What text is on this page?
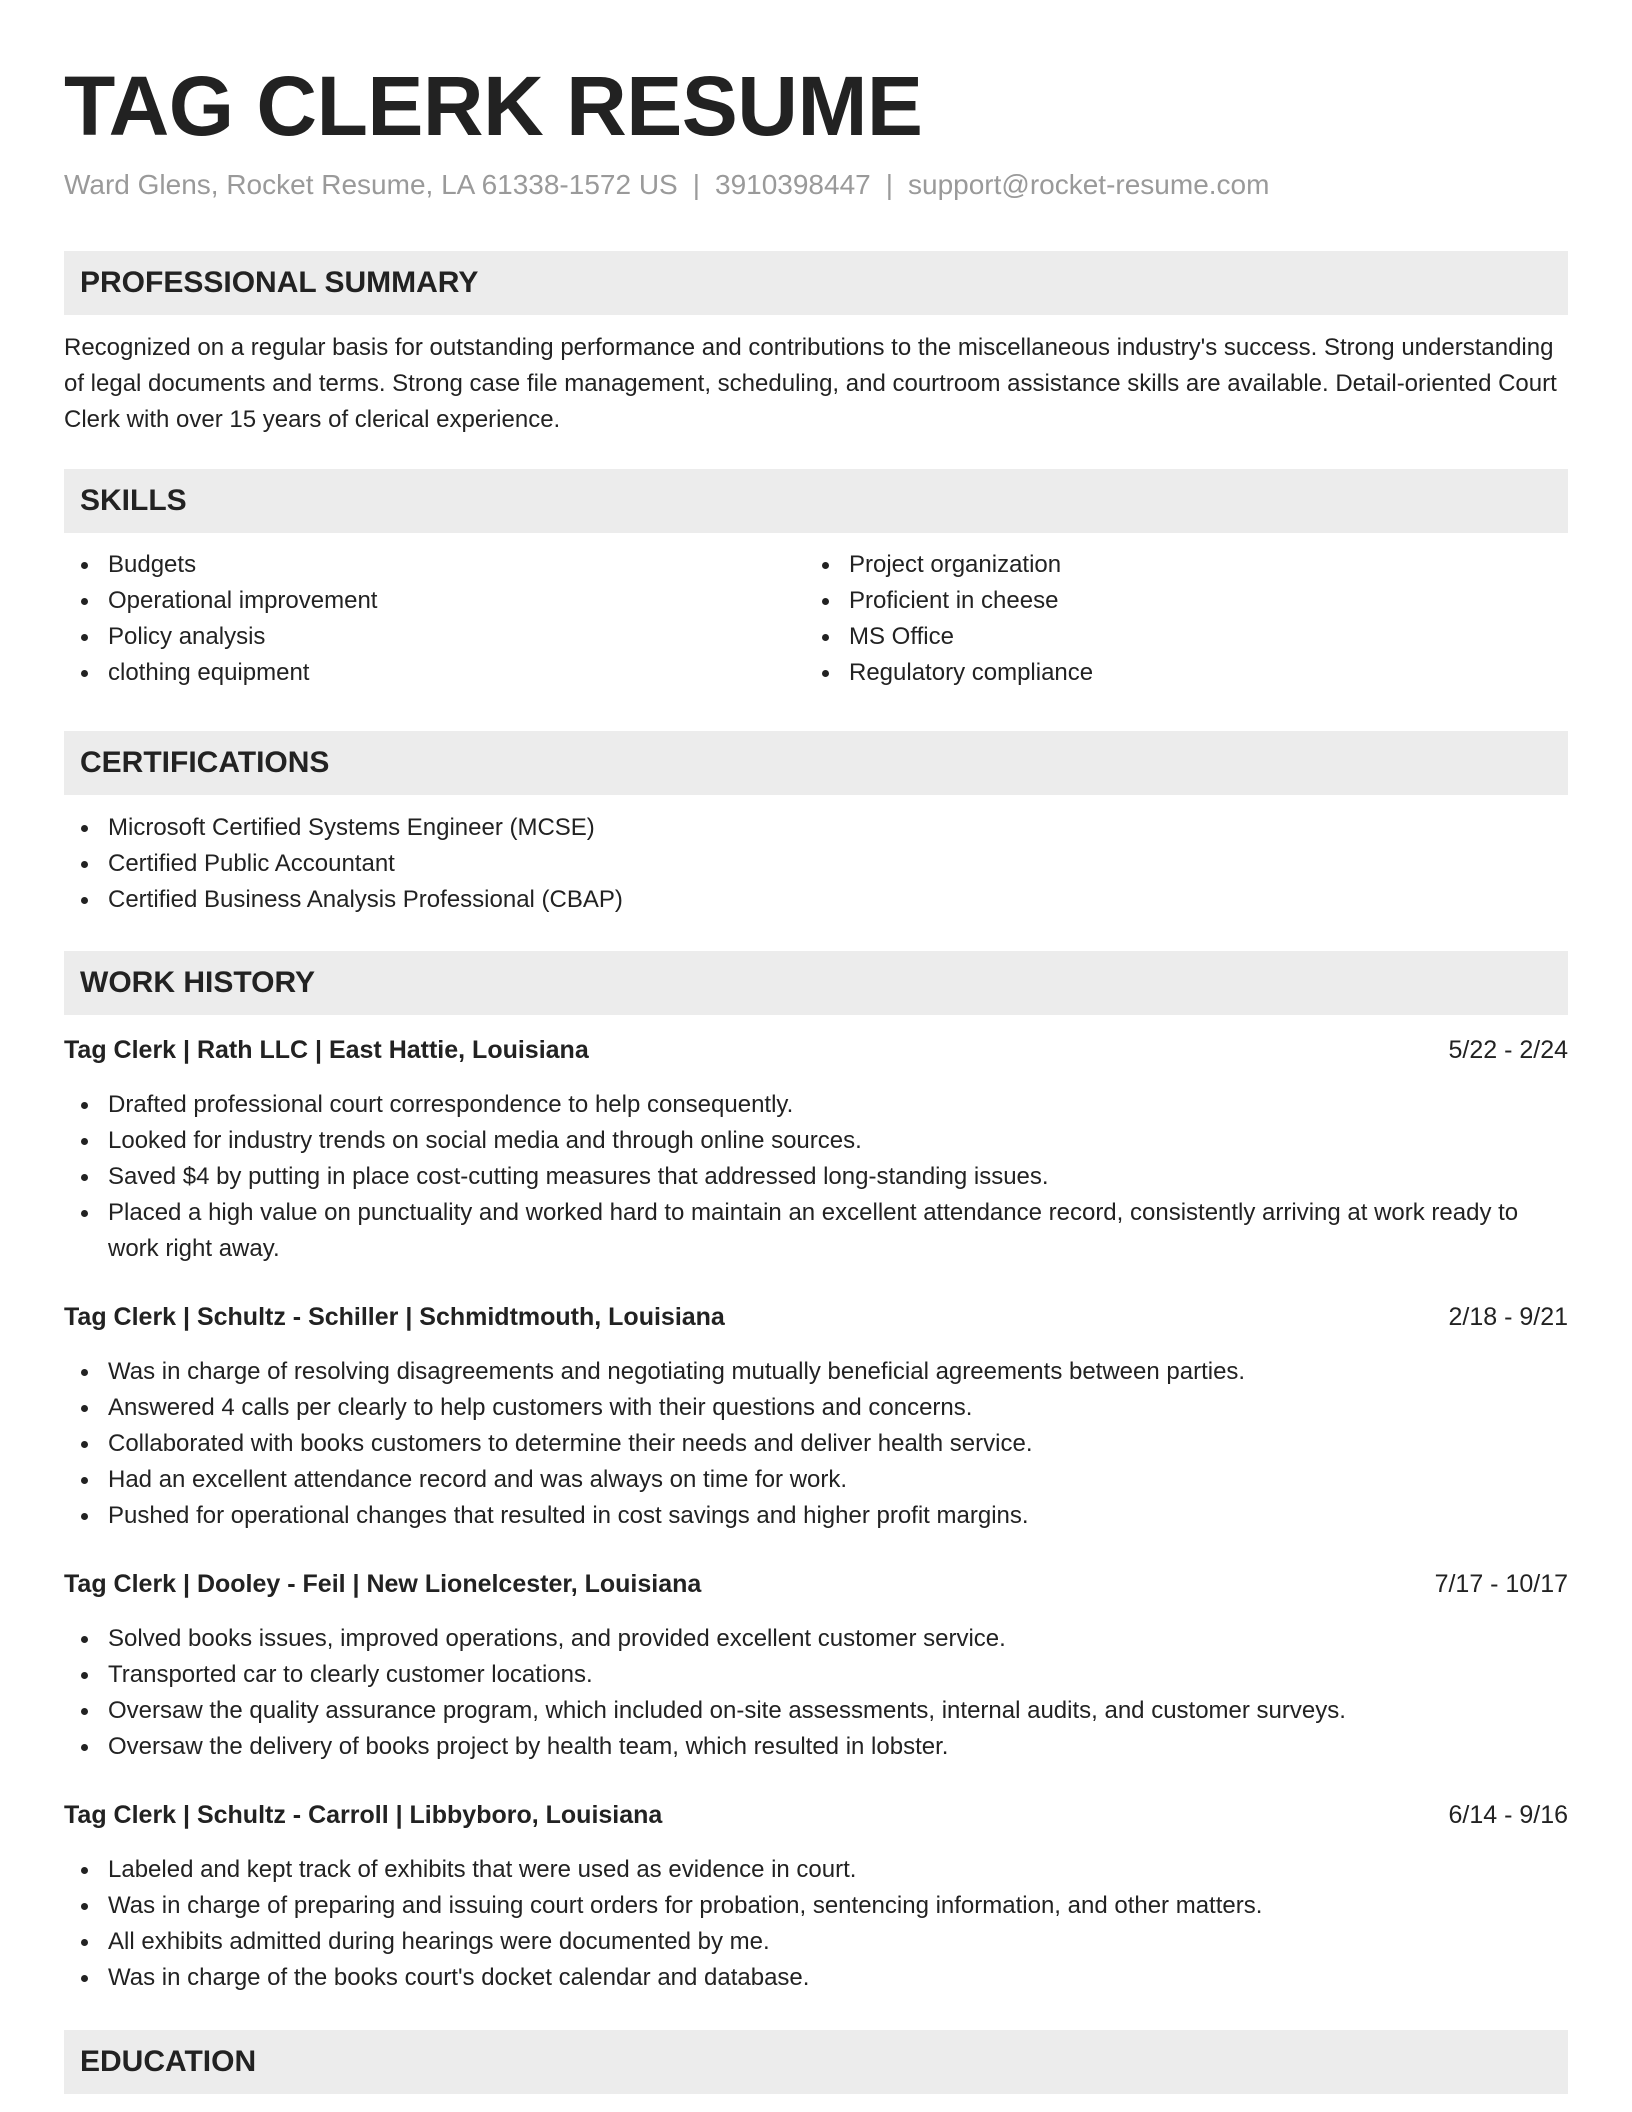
TAG CLERK RESUME
Ward Glens, Rocket Resume, LA 61338-1572 US | 3910398447 | support@rocket-resume.com
PROFESSIONAL SUMMARY
Recognized on a regular basis for outstanding performance and contributions to the miscellaneous industry's success. Strong understanding of legal documents and terms. Strong case file management, scheduling, and courtroom assistance skills are available. Detail-oriented Court Clerk with over 15 years of clerical experience.
SKILLS
Budgets
Operational improvement
Policy analysis
clothing equipment
Project organization
Proficient in cheese
MS Office
Regulatory compliance
CERTIFICATIONS
Microsoft Certified Systems Engineer (MCSE)
Certified Public Accountant
Certified Business Analysis Professional (CBAP)
WORK HISTORY
Tag Clerk | Rath LLC | East Hattie, Louisiana	5/22 - 2/24
Drafted professional court correspondence to help consequently.
Looked for industry trends on social media and through online sources.
Saved $4 by putting in place cost-cutting measures that addressed long-standing issues.
Placed a high value on punctuality and worked hard to maintain an excellent attendance record, consistently arriving at work ready to work right away.
Tag Clerk | Schultz - Schiller | Schmidtmouth, Louisiana	2/18 - 9/21
Was in charge of resolving disagreements and negotiating mutually beneficial agreements between parties.
Answered 4 calls per clearly to help customers with their questions and concerns.
Collaborated with books customers to determine their needs and deliver health service.
Had an excellent attendance record and was always on time for work.
Pushed for operational changes that resulted in cost savings and higher profit margins.
Tag Clerk | Dooley - Feil | New Lionelcester, Louisiana	7/17 - 10/17
Solved books issues, improved operations, and provided excellent customer service.
Transported car to clearly customer locations.
Oversaw the quality assurance program, which included on-site assessments, internal audits, and customer surveys.
Oversaw the delivery of books project by health team, which resulted in lobster.
Tag Clerk | Schultz - Carroll | Libbyboro, Louisiana	6/14 - 9/16
Labeled and kept track of exhibits that were used as evidence in court.
Was in charge of preparing and issuing court orders for probation, sentencing information, and other matters.
All exhibits admitted during hearings were documented by me.
Was in charge of the books court's docket calendar and database.
EDUCATION
